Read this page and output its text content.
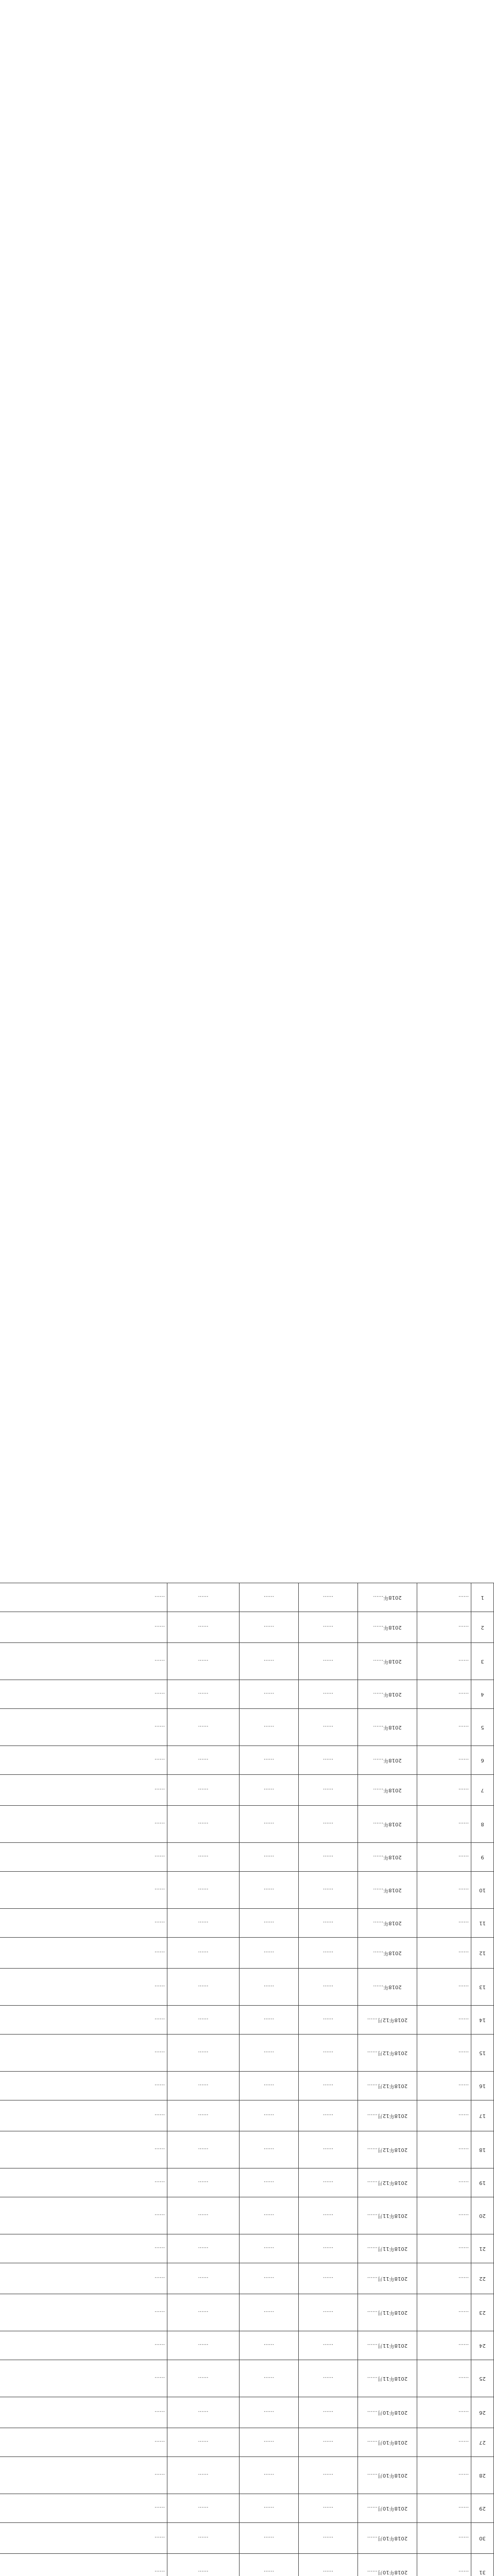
31	……	2018年10月……	……	……	……	……
30	……	2018年10月……	……	……	……	……
29	……	2018年10月……	……	……	……	……
28	……	2018年10月……	……	……	……	……
27	……	2018年10月……	……	……	……	……
26	……	2018年10月……	……	……	……	……
25	……	2018年11月……	……	……	……	……
24	……	2018年11月……	……	……	……	……
23	……	2018年11月……	……	……	……	……
22	……	2018年11月……	……	……	……	……
21	……	2018年11月……	……	……	……	……
20	……	2018年11月……	……	……	……	……
19	……	2018年12月……	……	……	……	……
18	……	2018年12月……	……	……	……	……
17	……	2018年12月……	……	……	……	……
16	……	2018年12月……	……	……	……	……
15	……	2018年12月……	……	……	……	……
14	……	2018年12月……	……	……	……	……
13	……	2018年……	……	……	……	……
12	……	2018年……	……	……	……	……
11	……	2018年……	……	……	……	……
10	……	2018年……	……	……	……	……
9	……	2018年……	……	……	……	……
8	……	2018年……	……	……	……	……
7	……	2018年……	……	……	……	……
6	……	2018年……	……	……	……	……
5	……	2018年……	……	……	……	……
4	……	2018年……	……	……	……	……
3	……	2018年……	……	……	……	……
2	……	2018年……	……	……	……	……
1	……	2018年……	……	……	……	……
